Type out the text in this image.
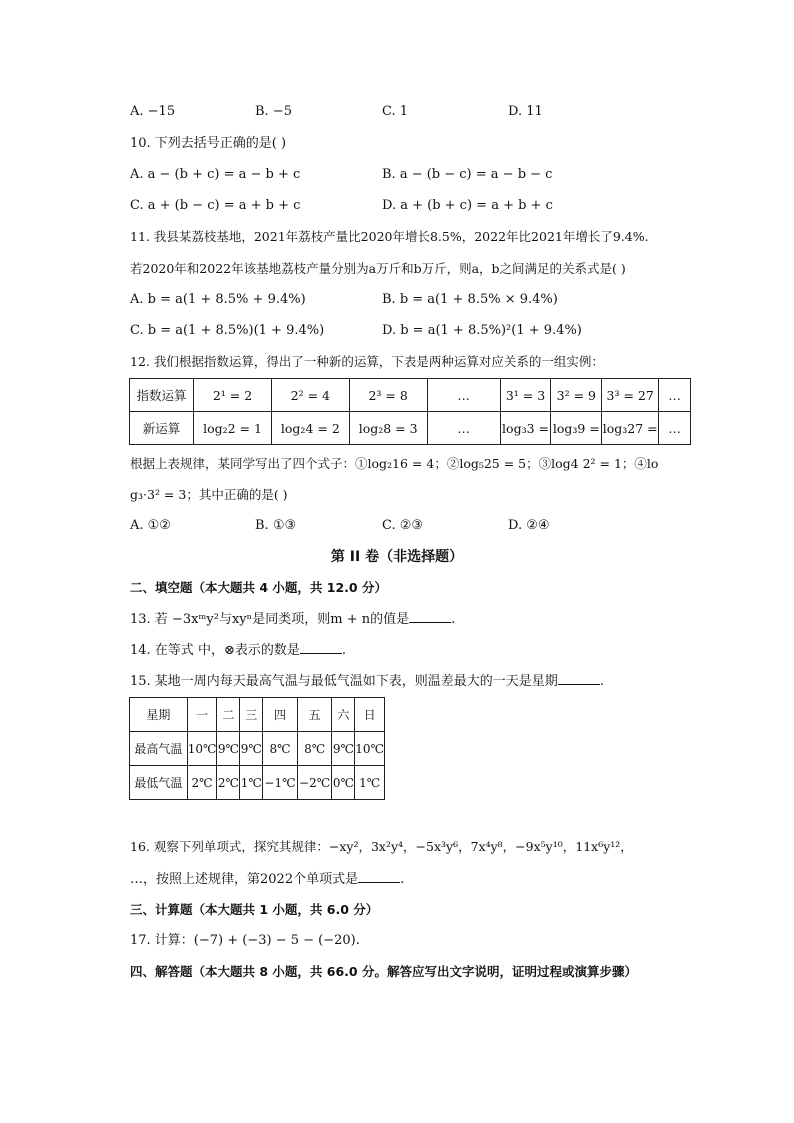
A. −15	B. −5	C. 1	D. 11
10. 下列去括号正确的是( )
A. a − (b + c) = a − b + c	B. a − (b − c) = a − b − c
C. a + (b − c) = a + b + c	D. a + (b + c) = a + b + c
11. 我县某荔枝基地，2021年荔枝产量比2020年增长8.5%，2022年比2021年增长了9.4%.
若2020年和2022年该基地荔枝产量分别为a万斤和b万斤，则a，b之间满足的关系式是( )
A. b = a(1 + 8.5% + 9.4%)	B. b = a(1 + 8.5% × 9.4%)
C. b = a(1 + 8.5%)(1 + 9.4%)	D. b = a(1 + 8.5%)²(1 + 9.4%)
12. 我们根据指数运算，得出了一种新的运算，下表是两种运算对应关系的一组实例：
指数运算	2¹ = 2	2² = 4	2³ = 8	…	3¹ = 3	3² = 9	3³ = 27	…
新运算	log₂2 = 1	log₂4 = 2	log₂8 = 3	…	log₃3 =	log₃9 =	log₃27 =	…
根据上表规律，某同学写出了四个式子：①log₂16 = 4；②log₅25 = 5；③log4 2² = 1；④lo
g₃·3² = 3；其中正确的是( )
A. ①②	B. ①③	C. ②③	D. ②④
第 II 卷（非选择题）
二、填空题（本大题共 4 小题，共 12.0 分）
13. 若 −3xᵐy²与xyⁿ是同类项，则m + n的值是	.
14. 在等式 中，⊗表示的数是	.
15. 某地一周内每天最高气温与最低气温如下表，则温差最大的一天是星期	.
星期	一	二	三	四	五	六	日
最高气温	10℃	9℃	9℃	8℃	8℃	9℃	10℃
最低气温	2℃	2℃	1℃	−1℃	−2℃	0℃	1℃
16. 观察下列单项式，探究其规律：−xy²，3x²y⁴，−5x³y⁶，7x⁴y⁸，−9x⁵y¹⁰，11x⁶y¹²，
…，按照上述规律，第2022个单项式是	.
三、计算题（本大题共 1 小题，共 6.0 分）
17. 计算：(−7) + (−3) − 5 − (−20).
四、解答题（本大题共 8 小题，共 66.0 分。解答应写出文字说明，证明过程或演算步骤）
